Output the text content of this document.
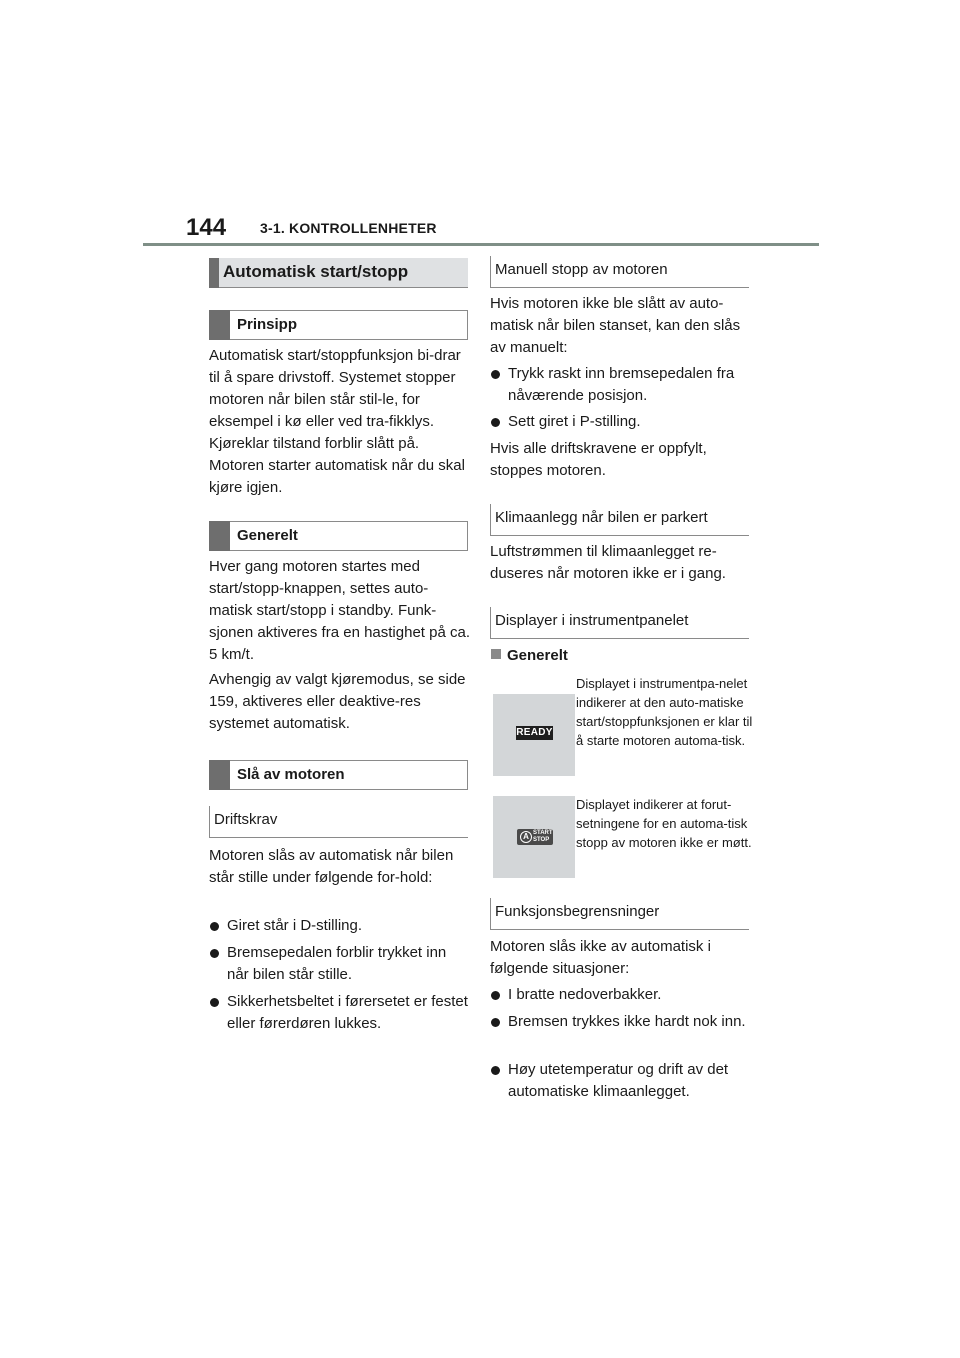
144 3-1. KONTROLLENHETER
Automatisk start/stopp
Prinsipp

Automatisk start/stoppfunksjon bi-drar til å spare drivstoff. Systemet stopper motoren når bilen står stil-le, for eksempel i kø eller ved tra-fikklys. Kjøreklar tilstand forblir slått på. Motoren starter automatisk når du skal kjøre igjen.

Generelt

Hver gang motoren startes med start/stopp-knappen, settes auto-matisk start/stopp i standby. Funk-sjonen aktiveres fra en hastighet på ca. 5 km/t.

Avhengig av valgt kjøremodus, se side 159, aktiveres eller deaktive-res systemet automatisk.

Slå av motoren
Driftskrav

Motoren slås av automatisk når bilen står stille under følgende for-hold:

Giret står i D-stilling.
Bremsepedalen forblir trykket inn når bilen står stille.
Sikkerhetsbeltet i førersetet er festet eller førerdøren lukkes.
Manuell stopp av motoren

Hvis motoren ikke ble slått av auto-matisk når bilen stanset, kan den slås av manuelt:

Trykk raskt inn bremsepedalen fra nåværende posisjon.
Sett giret i P-stilling.

Hvis alle driftskravene er oppfylt, stoppes motoren.

Klimaanlegg når bilen er parkert

Luftstrømmen til klimaanlegget re-duseres når motoren ikke er i gang.

Displayer i instrumentpanelet
Generelt
READY
Displayet i instrumentpa-nelet indikerer at den auto-matiske start/stoppfunksjonen er klar til å starte motoren automa-tisk.
A START
STOP
Displayet indikerer at forut-setningene for en automa-tisk stopp av motoren ikke er møtt.
Funksjonsbegrensninger

Motoren slås ikke av automatisk i følgende situasjoner:

I bratte nedoverbakker.
Bremsen trykkes ikke hardt nok inn.
Høy utetemperatur og drift av det automatiske klimaanlegget.
